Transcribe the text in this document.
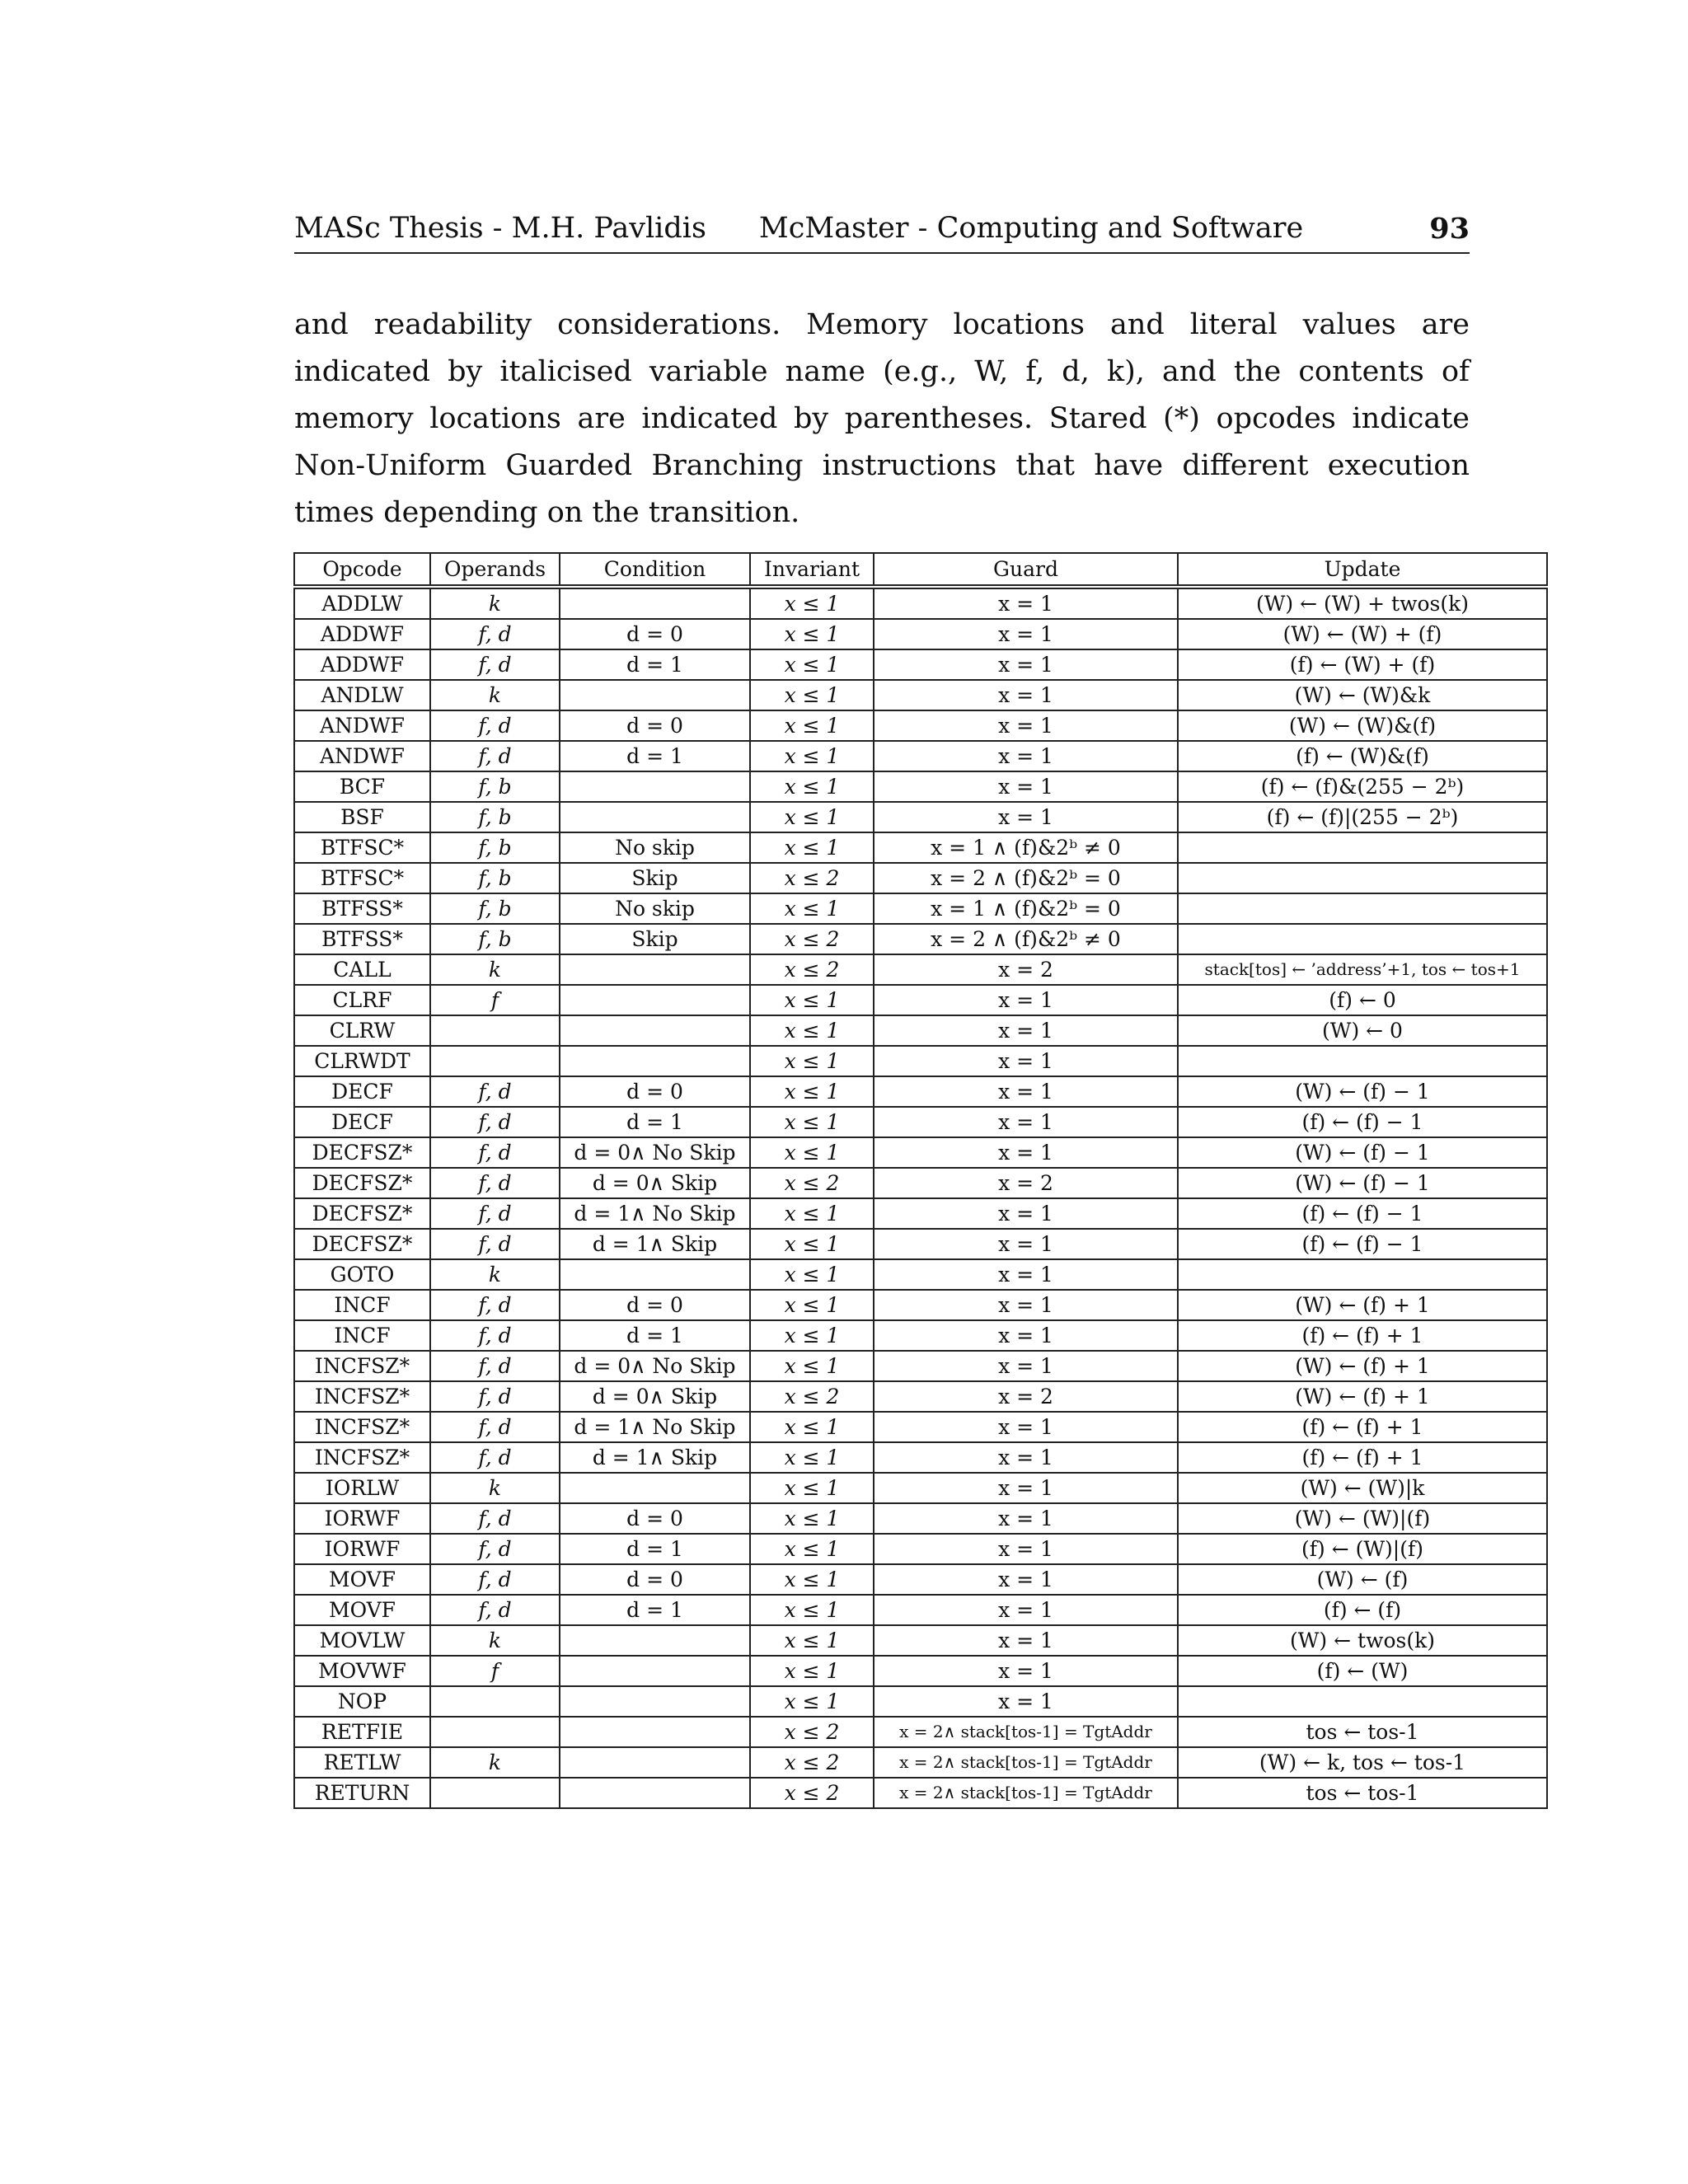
MASc Thesis - M.H. Pavlidis McMaster - Computing and Software	93

and readability considerations. Memory locations and literal values are indicated by italicised variable name (e.g., W, f, d, k), and the contents of memory locations are indicated by parentheses. Stared (*) opcodes indicate Non-Uniform Guarded Branching instructions that have different execution times depending on the transition.

Opcode	Operands	Condition	Invariant	Guard	Update
ADDLW	k		x ≤ 1	x = 1	(W) ← (W) + twos(k)
ADDWF	f, d	d = 0	x ≤ 1	x = 1	(W) ← (W) + (f)
ADDWF	f, d	d = 1	x ≤ 1	x = 1	(f) ← (W) + (f)
ANDLW	k		x ≤ 1	x = 1	(W) ← (W)&k
ANDWF	f, d	d = 0	x ≤ 1	x = 1	(W) ← (W)&(f)
ANDWF	f, d	d = 1	x ≤ 1	x = 1	(f) ← (W)&(f)
BCF	f, b		x ≤ 1	x = 1	(f) ← (f)&(255 − 2ᵇ)
BSF	f, b		x ≤ 1	x = 1	(f) ← (f)|(255 − 2ᵇ)
BTFSC*	f, b	No skip	x ≤ 1	x = 1 ∧ (f)&2ᵇ ≠ 0	
BTFSC*	f, b	Skip	x ≤ 2	x = 2 ∧ (f)&2ᵇ = 0	
BTFSS*	f, b	No skip	x ≤ 1	x = 1 ∧ (f)&2ᵇ = 0	
BTFSS*	f, b	Skip	x ≤ 2	x = 2 ∧ (f)&2ᵇ ≠ 0	
CALL	k		x ≤ 2	x = 2	stack[tos] ← ’address’+1, tos ← tos+1
CLRF	f		x ≤ 1	x = 1	(f) ← 0
CLRW			x ≤ 1	x = 1	(W) ← 0
CLRWDT			x ≤ 1	x = 1	
DECF	f, d	d = 0	x ≤ 1	x = 1	(W) ← (f) − 1
DECF	f, d	d = 1	x ≤ 1	x = 1	(f) ← (f) − 1
DECFSZ*	f, d	d = 0∧ No Skip	x ≤ 1	x = 1	(W) ← (f) − 1
DECFSZ*	f, d	d = 0∧ Skip	x ≤ 2	x = 2	(W) ← (f) − 1
DECFSZ*	f, d	d = 1∧ No Skip	x ≤ 1	x = 1	(f) ← (f) − 1
DECFSZ*	f, d	d = 1∧ Skip	x ≤ 1	x = 1	(f) ← (f) − 1
GOTO	k		x ≤ 1	x = 1	
INCF	f, d	d = 0	x ≤ 1	x = 1	(W) ← (f) + 1
INCF	f, d	d = 1	x ≤ 1	x = 1	(f) ← (f) + 1
INCFSZ*	f, d	d = 0∧ No Skip	x ≤ 1	x = 1	(W) ← (f) + 1
INCFSZ*	f, d	d = 0∧ Skip	x ≤ 2	x = 2	(W) ← (f) + 1
INCFSZ*	f, d	d = 1∧ No Skip	x ≤ 1	x = 1	(f) ← (f) + 1
INCFSZ*	f, d	d = 1∧ Skip	x ≤ 1	x = 1	(f) ← (f) + 1
IORLW	k		x ≤ 1	x = 1	(W) ← (W)|k
IORWF	f, d	d = 0	x ≤ 1	x = 1	(W) ← (W)|(f)
IORWF	f, d	d = 1	x ≤ 1	x = 1	(f) ← (W)|(f)
MOVF	f, d	d = 0	x ≤ 1	x = 1	(W) ← (f)
MOVF	f, d	d = 1	x ≤ 1	x = 1	(f) ← (f)
MOVLW	k		x ≤ 1	x = 1	(W) ← twos(k)
MOVWF	f		x ≤ 1	x = 1	(f) ← (W)
NOP			x ≤ 1	x = 1	
RETFIE			x ≤ 2	x = 2∧ stack[tos-1] = TgtAddr	tos ← tos-1
RETLW	k		x ≤ 2	x = 2∧ stack[tos-1] = TgtAddr	(W) ← k, tos ← tos-1
RETURN			x ≤ 2	x = 2∧ stack[tos-1] = TgtAddr	tos ← tos-1
